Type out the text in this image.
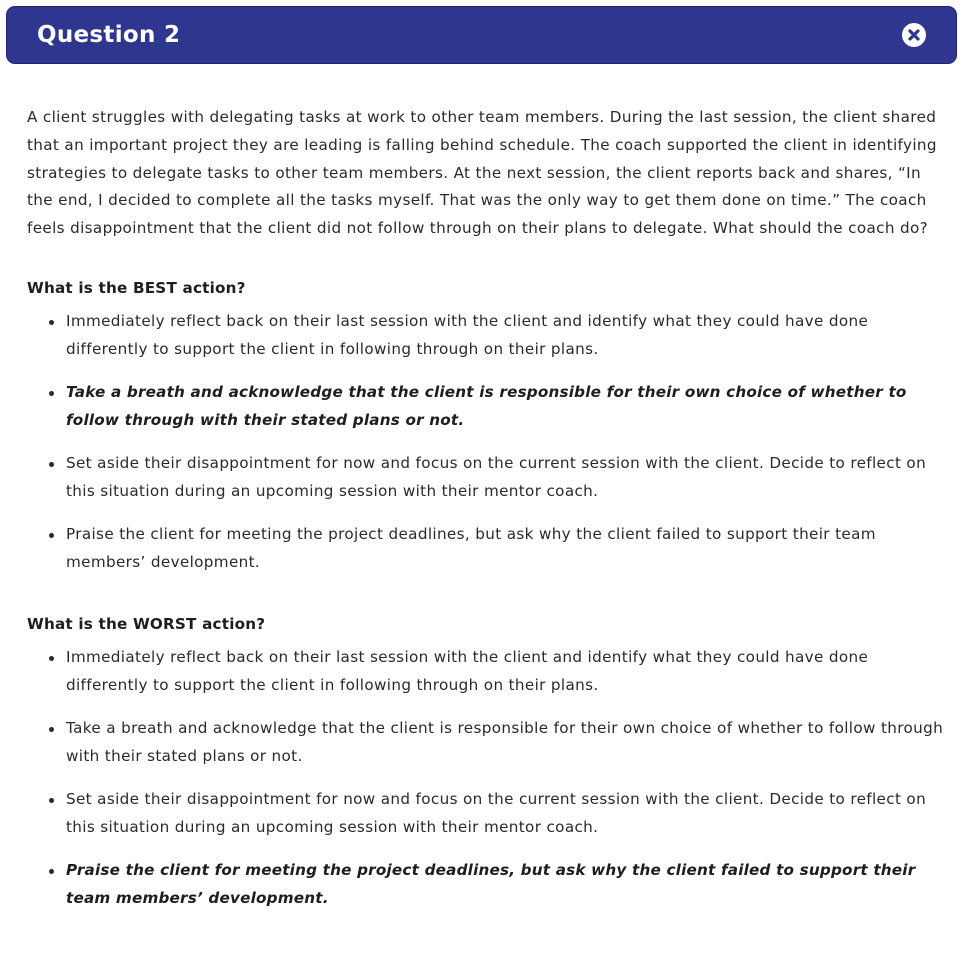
Question 2

A client struggles with delegating tasks at work to other team members. During the last session, the client shared that an important project they are leading is falling behind schedule. The coach supported the client in identifying strategies to delegate tasks to other team members. At the next session, the client reports back and shares, “In the end, I decided to complete all the tasks myself. That was the only way to get them done on time.” The coach feels disappointment that the client did not follow through on their plans to delegate. What should the coach do?

What is the BEST action?
Immediately reflect back on their last session with the client and identify what they could have done differently to support the client in following through on their plans.
Take a breath and acknowledge that the client is responsible for their own choice of whether to follow through with their stated plans or not.
Set aside their disappointment for now and focus on the current session with the client. Decide to reflect on this situation during an upcoming session with their mentor coach.
Praise the client for meeting the project deadlines, but ask why the client failed to support their team members’ development.
What is the WORST action?
Immediately reflect back on their last session with the client and identify what they could have done differently to support the client in following through on their plans.
Take a breath and acknowledge that the client is responsible for their own choice of whether to follow through with their stated plans or not.
Set aside their disappointment for now and focus on the current session with the client. Decide to reflect on this situation during an upcoming session with their mentor coach.
Praise the client for meeting the project deadlines, but ask why the client failed to support their team members’ development.
